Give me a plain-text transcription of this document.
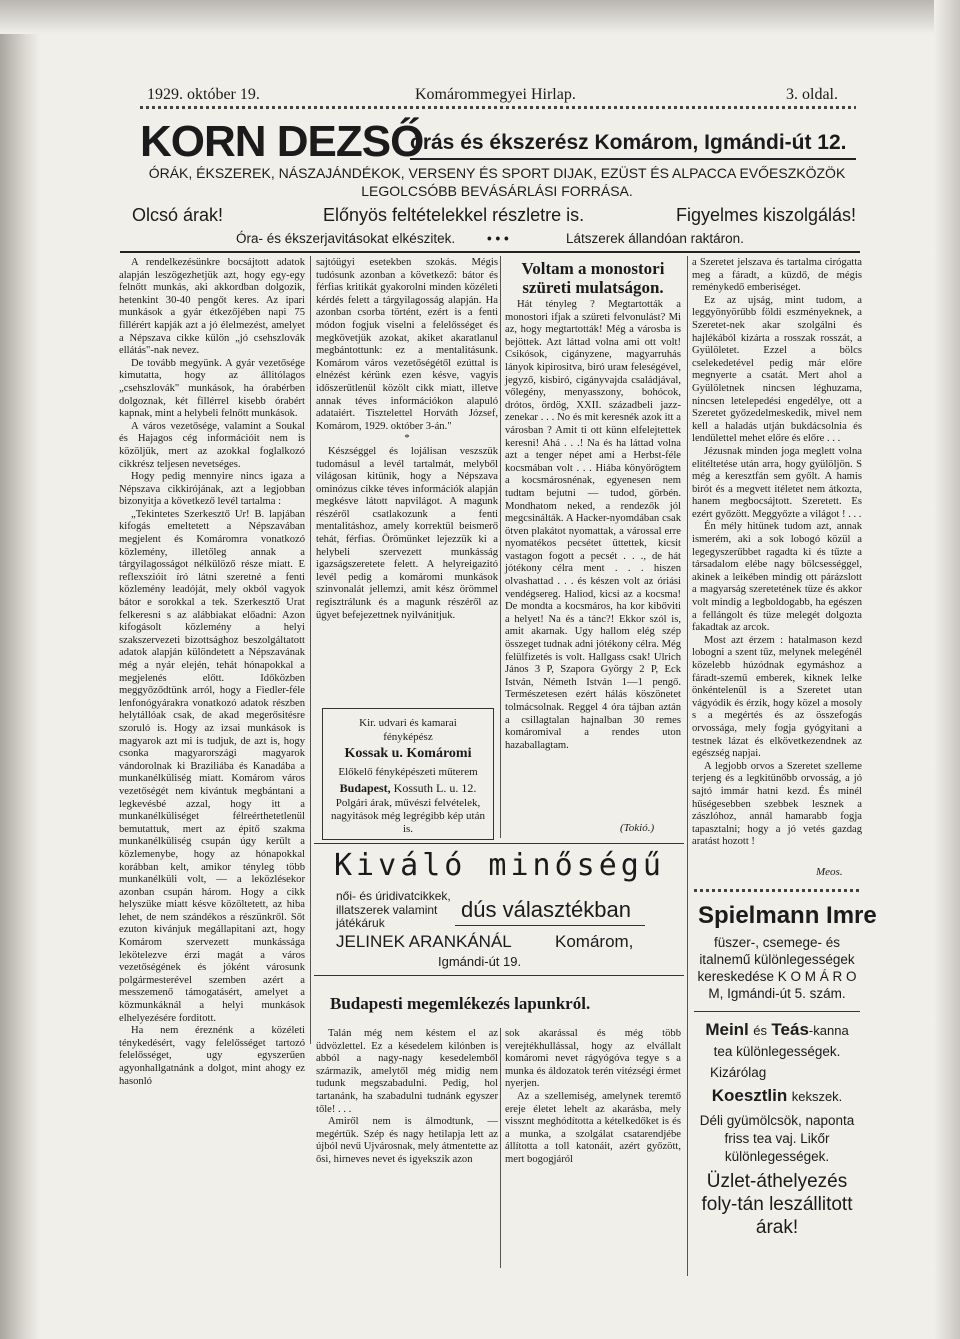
1929. október 19.	Komárommegyei Hirlap.	3. oldal.
KORN DEZSŐ
órás és ékszerész Komárom, Igmándi-út 12.
ÓRÁK, ÉKSZEREK, NÁSZAJÁNDÉKOK, VERSENY ÉS SPORT DIJAK, EZÜST ÉS ALPACCA EVŐESZKÖZÖK
LEGOLCSÓBB BEVÁSÁRLÁSI FORRÁSA.
Olcsó árak!	Előnyös feltételekkel részletre is.	Figyelmes kiszolgálás!
Óra- és ékszerjavitásokat elkészitek. • • •	Látszerek állandóan raktáron.

A rendelkezésünkre bocsájtott adatok alapján leszögezhetjük azt, hogy egy-egy felnőtt munkás, aki akkordban dolgozik, hetenkint 30-40 pengőt keres. Az ipari munkások a gyár étkezőjében napi 75 fillérért kapják azt a jó élelmezést, amelyet a Népszava cikke külön „jó csehszlovák ellátás"-nak nevez.

De tovább megyünk. A gyár vezetősége kimutatta, hogy az állitólagos „csehszlovák" munkások, ha órabérben dolgoznak, két fillérrel kisebb órabért kapnak, mint a helybeli felnőtt munkások.

A város vezetősége, valamint a Soukal és Hajagos cég információit nem is közöljük, mert az azokkal foglalkozó cikkrész teljesen nevetséges.

Hogy pedig mennyire nincs igaza a Népszava cikkirójának, azt a legjobban bizonyitja a következő levél tartalma :

„Tekintetes Szerkesztő Ur! B. lapjában kifogás emeltetett a Népszavában megjelent és Komáromra vonatkozó közlemény, illetőleg annak a tárgyilagosságot nélkülöző része miatt. E reflexszióit író látni szeretné a fenti közlemény leadóját, mely okból vagyok bátor e sorokkal a tek. Szerkesztő Urat felkeresni s az alábbiakat előadni: Azon kifogásolt közlemény a helyi szakszervezeti bizottsághoz beszolgáltatott adatok alapján különdetett a Népszavának még a nyár elején, tehát hónapokkal a megjelenés előtt. Időközben meggyőződtünk arról, hogy a Fiedler-féle lenfonógyárakra vonatkozó adatok részben helytállóak csak, de akad megerősitésre szoruló is. Hogy az izsai munkások is magyarok azt mi is tudjuk, de azt is, hogy csonka magyarországi magyarok vándorolnak ki Braziliába és Kanadába a munkanélküliség miatt. Komárom város vezetőségét nem kivántuk megbántani a legkevésbé azzal, hogy itt a munkanélküliséget félreérthetetlenül bemutattuk, mert az épitő szakma munkanélküliség csupán úgy került a közlemenybe, hogy az hónapokkal korábban kelt, amikor tényleg több munkanélküli volt, — a leközlésekor azonban csupán három. Hogy a cikk helyszüke miatt késve közöltetett, az hiba lehet, de nem szándékos a részünkről. Sőt ezuton kivánjuk megállapitani azt, hogy Komárom szervezett munkássága lekötelezve érzi magát a város vezetőségének és jóként városunk polgármesterével szemben azért a messzemenő támogatásért, amelyet a közmunkáknál a helyi munkások elhelyezésére forditott.

Ha nem éreznénk a közéleti ténykedésért, vagy felelősséget tartozó felelősséget, ugy egyszerűen agyonhallgatnánk a dolgot, mint ahogy ez hasonló

sajtóügyi esetekben szokás. Mégis tudósunk azonban a következő: bátor és férfias kritikát gyakorolni minden közéleti kérdés felett a tárgyilagosság alapján. Ha azonban csorba történt, ezért is a fenti módon fogjuk viselni a felelősséget és megkövetjük azokat, akiket akaratlanul megbántottunk: ez a mentalitásunk. Komárom város vezetőségétől ezúttal is elnézést kérünk ezen késve, vagyis időszerűtlenül közölt cikk miatt, illetve annak téves információkon alapuló adataiért. Tisztelettel Horváth József, Komárom, 1929. október 3-án."

*

Készséggel és lojálisan veszszük tudomásul a levél tartalmát, melyből világosan kitünik, hogy a Népszava ominózus cikke téves információk alapján megkésve látott napvilágot. A magunk részéről csatlakozunk a fenti mentalitáshoz, amely korrektül beismerő tehát, férfias. Örömünket lejezzük ki a helybeli szervezett munkásság igazságszeretete felett. A helyreigazitó levél pedig a komáromi munkások szinvonalát jellemzi, amit kész örömmel regisztrálunk és a magunk részéről az ügyet befejezettnek nyilvánitjuk.

Kir. udvari és kamarai
fényképész
Kossak u. Komáromi
Előkelő fényképészeti műterem
Budapest, Kossuth L. u. 12.
Polgári árak, művészi felvételek, nagyitások még legrégibb kép után is.
Voltam a monostori
szüreti mulatságon.

Hát tényleg ? Megtartották a monostori ifjak a szüreti felvonulást? Mi az, hogy megtartották! Még a városba is bejöttek. Azt láttad volna ami ott volt! Csikósok, cigányzene, magyarruhás lányok kipirositva, biró urам feleségével, jegyző, kisbiró, cigányvajda családjával, vőlegény, menyasszony, bohócok, drótos, ördög, XXII. századbeli jazz-zenekar . . . No és mit keresnék azok itt a városban ? Amit ti ott künn elfelejtettek keresni! Ahá . . .! Na és ha láttad volna azt a tenger népet ami a Herbst-féle kocsmában volt . . . Hiába könyörögtem a kocsmárosnénak, egyenesen nem tudtam bejutni — tudod, görbén. Mondhatom neked, a rendezők jól megcsinálták. A Hacker-nyomdában csak ötven plakátot nyomattak, a várossal erre nyomatékos pecsétet üttettek, kicsit vastagon fogott a pecsét . . ., de hát jótékony célra ment . . . hiszen olvashattad . . . és készen volt az óriási vendégsereg. Haliod, kicsi az a kocsma! De mondta a kocsmáros, ha kor kibőviti a helyet! Na és a tánc?! Ekkor szól is, amit akarnak. Ugy hallom elég szép összeget tudnak adni jótékony célra. Még felülfizetés is volt. Hallgass csak! Ulrich János 3 P, Szapora György 2 P, Eck István, Németh István 1—1 pengő. Természetesen ezért hálás köszönetet tolmácsolnak. Reggel 4 óra tájban aztán a csillagtalan hajnalban 30 remes komáromival a rendes uton hazaballagtam.

(Tokió.)

a Szeretet jelszava és tartalma cirógatta meg a fáradt, a küzdő, de mégis reménykedő emberiséget.

Ez az ujság, mint tudom, a leggyönyörűbb földi eszményeknek, a Szeretet-nek akar szolgálni és hajlékából kizárta a rosszak rosszát, a Gyülöletet. Ezzel a bölcs cselekedetével pedig már előre megnyerte a csatát. Mert ahol a Gyülöletnek nincsen léghuzama, nincsen letelepedési engedélye, ott a Szeretet győzedelmeskedik, mivel nem kell a haladás utján bukdácsolnia és lendülettel mehet előre és előre . . .

Jézusnak minden joga meglett volna elitéltetése után arra, hogy gyülölјön. S még a keresztfán sem győlt. A hamis birót és a megvett itéletet nem átkozta, hanem megbocsájtott. Szeretett. Es ezért győzött. Meggyőzte a világot ! . . .

Én mély hitünek tudom azt, annak ismerém, aki a sok lobogó közül a legegyszerűbbet ragadta ki és tűzte a társadalom elébe nagy bölcsességgel, akinek a leikében mindig ott párázslott a magyarság szeretetének tüze és akkor volt mindig a legboldogabb, ha egészen a fellángolt és tüze melegét dolgozta fakadtak az arcok.

Most azt érzem : hatalmason kezd lobogni a szent tűz, melynek melegénél közelebb húzódnak egymáshoz a fáradt-szemű emberek, kiknek lelke önkéntelenül is a Szeretet utan vágyódik és érzik, hogy közel a mosoly s a megértés és az összefogás orvossága, mely fogja gyógyitani a testnek lázat és elkövetkezendnek az egészség napjai.

A legjobb orvos a Szeretet szellemе terjeng és a legkitünőbb orvosság, a jó sajtó immár hatni kezd. És minél hűségesebben szebbek lesznek a zászlóhoz, annál hamarabb fogja tapasztalni; hogy a jó vetés gazdag aratást hozott !

Meos.
Kiváló minőségű
női- és úridivatcikkek, illatszerek valamint játékáruk
dús választékban
JELINEK ARANKÁNÁL	Komárom,
Igmándi-út 19.
Budapesti megemlékezés lapunkról.

Talán még nem késtem el az üdvözlettel. Ez a késedelem kilónben is abból a nagy-nagy kesedelemből származik, amelytől még midig nem tudunk megszabadulni. Pedig, hol tartanánk, ha szabadulni tudnánk egyszer tőle! . . .

Amiről nem is álmodtunk, — megértük. Szép és nagy hetilapja lett az újból nevű Ujvárosnak, mely átmentette az ősi, hirneves nevet és igyekszik azon

sok akarással és még több verejtékhullással, hogy az elvállalt komáromi nevet rágyógóva tegye s a munka és áldozatok terén vitézségi érmet nyerjen.

Az a szellemiség, amelynek teremtő ereje életet lehelt az akarásba, mely vissznt meghódította a kételkedőket is és a munka, a szolgálat csatarendjébe állította a toll katonáit, azért győzött, mert bogogjáról

Spielmann Imre
füszer-, csemege- és italnemű különlegességek kereskedése K O M Á R O M, Igmándi-út 5. szám.
Meinl és Teás-kanna
tea különlegességek.
Kizárólag
Koesztlin kekszek.
Déli gyümölcsök, naponta friss tea vaj. Likőr különlegességek.
Üzlet-áthelyezés foly-tán leszállitott árak!
